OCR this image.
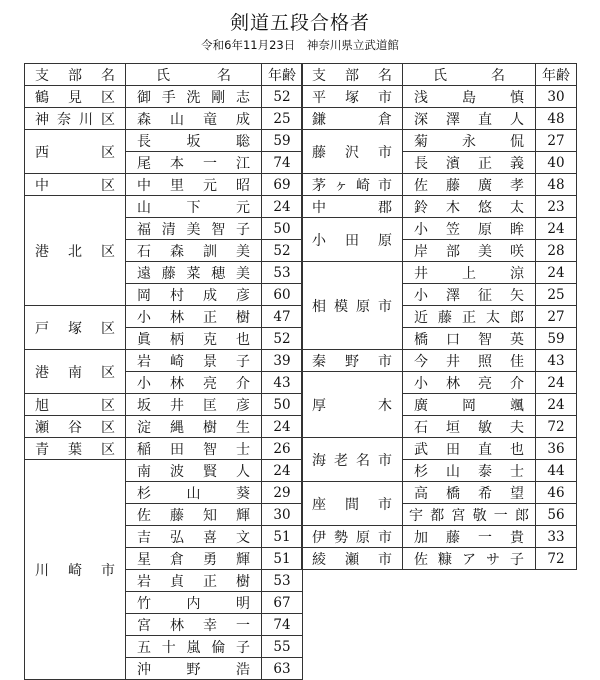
剣道五段合格者
令和6年11月23日 神奈川県立武道館
支部名	氏名	年齢
鶴見区	御手洗剛志	52
神奈川区	森山竜成	25
西区	長坂聡	59
	尾本一江	74
中区	中里元昭	69
港北区	山下元	24
	福清美智子	50
	石森訓美	52
	遠藤菜穂美	53
	岡村成彦	60
戸塚区	小林正樹	47
	眞柄克也	52
港南区	岩崎景子	39
	小林亮介	43
旭区	坂井匡彦	50
瀬谷区	淀縄樹生	24
青葉区	稲田智士	26
川崎市	南波賢人	24
	杉山葵	29
	佐藤知輝	30
	吉弘喜文	51
	星倉勇輝	51
	岩貞正樹	53
	竹内明	67
	宮林幸一	74
	五十嵐倫子	55
	沖野浩	63
支部名	氏名	年齢
平塚市	浅島慎	30
鎌倉	深澤直人	48
藤沢市	菊永侃	27
	長濱正義	40
茅ヶ崎市	佐藤廣孝	48
中郡	鈴木悠太	23
小田原	小笠原眸	24
	岸部美咲	28
相模原市	井上涼	24
	小澤征矢	25
	近藤正太郎	27
	橋口智英	59
秦野市	今井照佳	43
厚木	小林亮介	24
	廣岡颯	24
	石垣敏夫	72
海老名市	武田直也	36
	杉山泰士	44
座間市	高橋希望	46
	宇都宮敬一郎	56
伊勢原市	加藤一貴	33
綾瀬市	佐糠アサ子	72
